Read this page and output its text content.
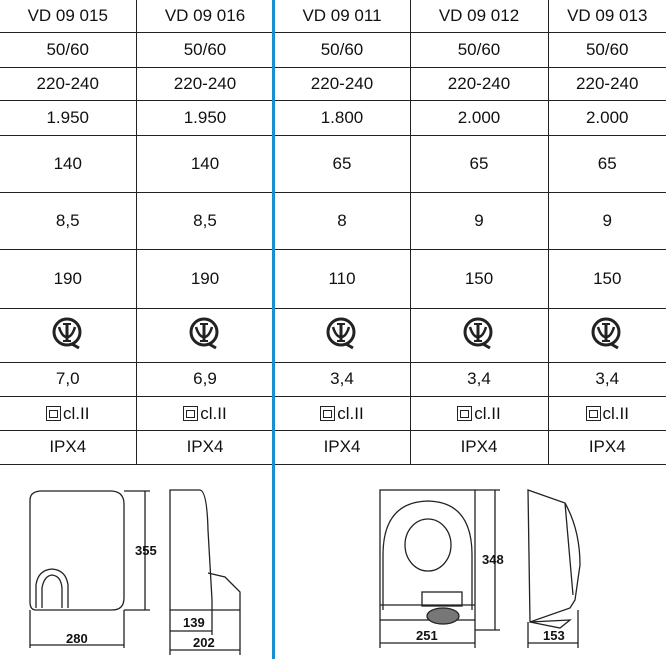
VD 09 015	VD 09 016	VD 09 011	VD 09 012	VD 09 013
50/60	50/60	50/60	50/60	50/60
220-240	220-240	220-240	220-240	220-240
1.950	1.950	1.800	2.000	2.000
140	140	65	65	65
8,5	8,5	8	9	9
190	190	110	150	150

7,0	6,9	3,4	3,4	3,4

cl.II	cl.II	cl.II	cl.II	cl.II

IPX4	IPX4	IPX4	IPX4	IPX4
355
280
139
202
348
251	153
